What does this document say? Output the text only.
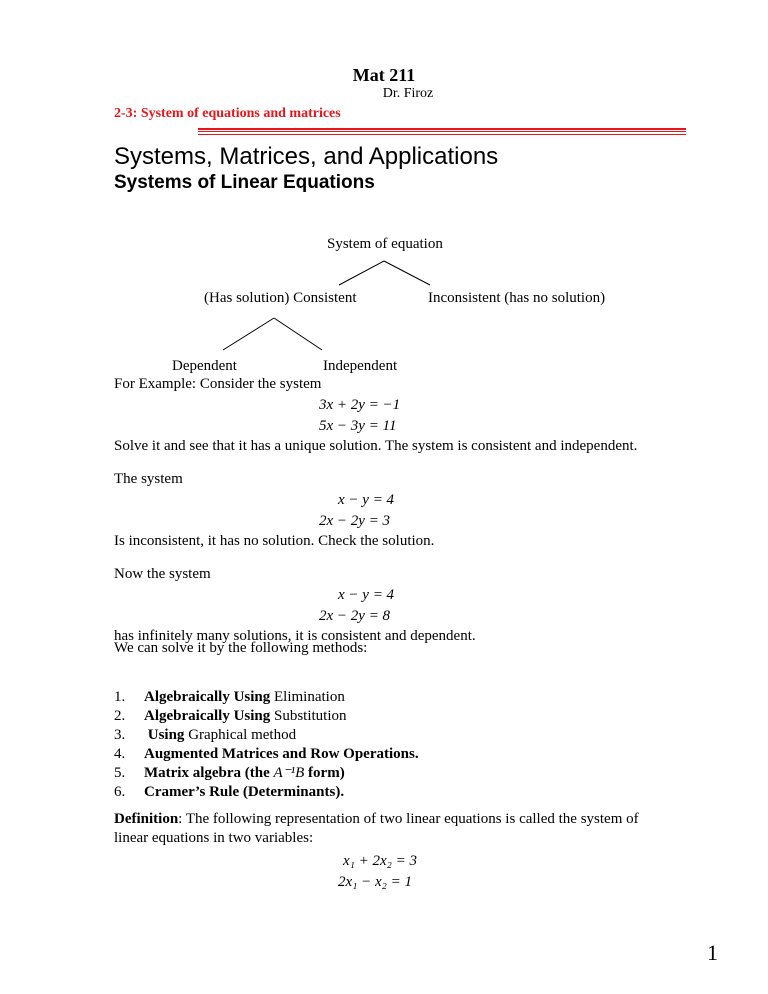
Mat 211
Dr. Firoz
2-3: System of equations and matrices
Systems, Matrices, and Applications
Systems of Linear Equations
System of equation
(Has solution) Consistent	Inconsistent (has no solution)
Dependent	Independent
For Example: Consider the system
3x + 2y = −1
5x − 3y = 11
Solve it and see that it has a unique solution. The system is consistent and independent.
The system
x − y = 4
2x − 2y = 3
Is inconsistent, it has no solution. Check the solution.
Now the system
x − y = 4
2x − 2y = 8
has infinitely many solutions, it is consistent and dependent.
We can solve it by the following methods:
1. Algebraically Using Elimination
2. Algebraically Using Substitution
3. Using Graphical method
4. Augmented Matrices and Row Operations.
5. Matrix algebra (the A⁻¹B form)
6. Cramer’s Rule (Determinants).
Definition: The following representation of two linear equations is called the system of
linear equations in two variables:
x₁ + 2x₂ = 3
2x₁ − x₂ = 1
1
